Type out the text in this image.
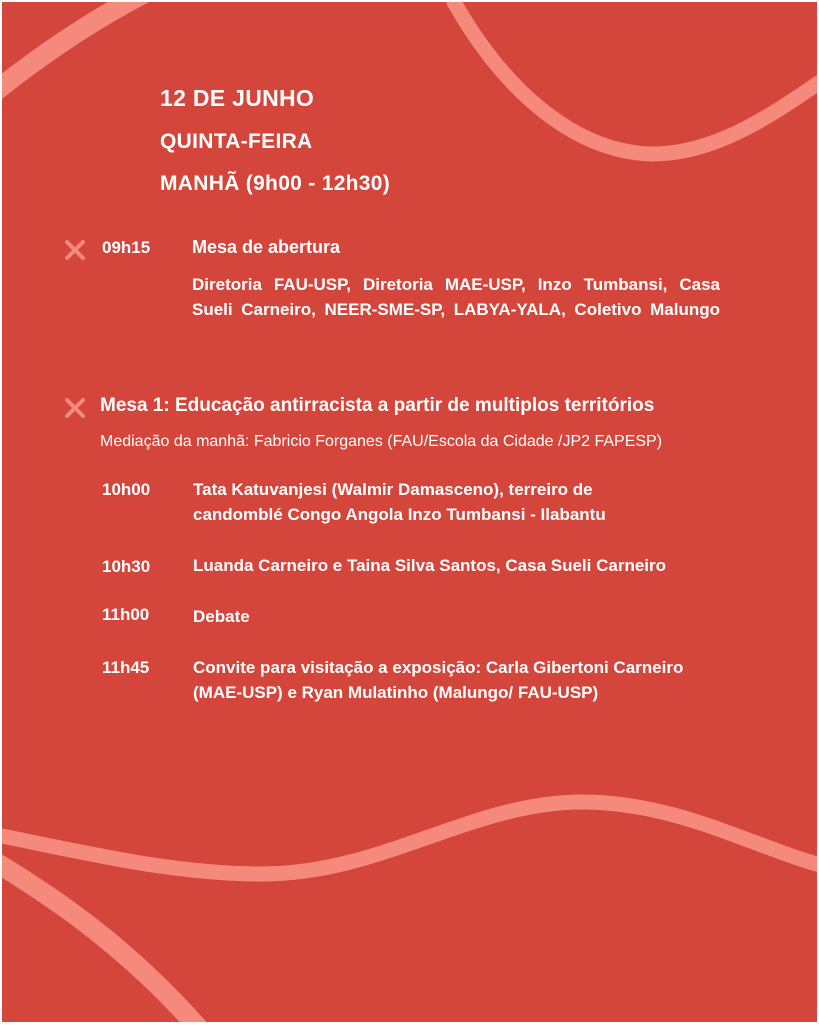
12 DE JUNHO
QUINTA-FEIRA
MANHÃ (9h00 - 12h30)
09h15 Mesa de abertura
Diretoria FAU-USP, Diretoria MAE-USP, Inzo Tumbansi, Casa Sueli Carneiro, NEER-SME-SP, LABYA-YALA, Coletivo Malungo
Mesa 1: Educação antirracista a partir de multiplos territórios
Mediação da manhã: Fabricio Forganes (FAU/Escola da Cidade /JP2 FAPESP)
10h00	Tata Katuvanjesi (Walmir Damasceno), terreiro de
candomblé Congo Angola Inzo Tumbansi - Ilabantu
10h30	Luanda Carneiro e Taina Silva Santos, Casa Sueli Carneiro
11h00	Debate
11h45	Convite para visitação a exposição: Carla Gibertoni Carneiro
(MAE-USP) e Ryan Mulatinho (Malungo/ FAU-USP)
